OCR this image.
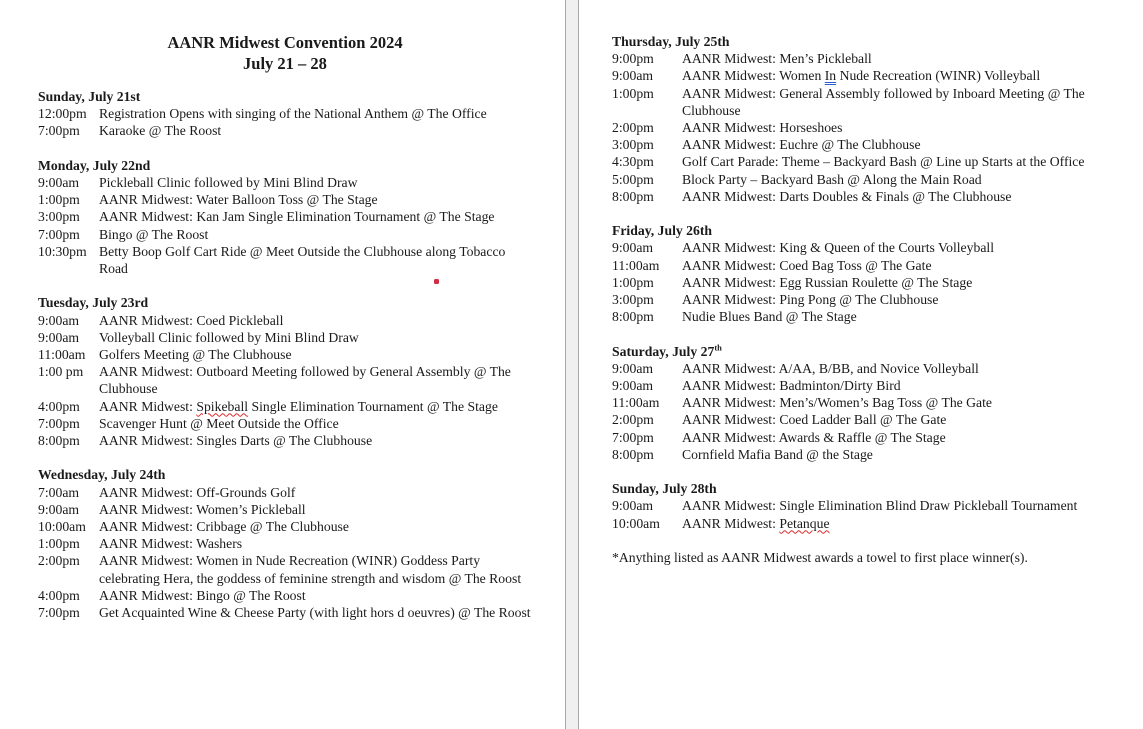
AANR Midwest Convention 2024
July 21 – 28
Sunday, July 21st
12:00pm Registration Opens with singing of the National Anthem @ The Office
7:00pm	Karaoke @ The Roost
Monday, July 22nd
9:00am	Pickleball Clinic followed by Mini Blind Draw
1:00pm	AANR Midwest: Water Balloon Toss @ The Stage
3:00pm	AANR Midwest: Kan Jam Single Elimination Tournament @ The Stage
7:00pm	Bingo @ The Roost
10:30pm Betty Boop Golf Cart Ride @ Meet Outside the Clubhouse along Tobacco Road
Tuesday, July 23rd
9:00am	AANR Midwest: Coed Pickleball
9:00am	Volleyball Clinic followed by Mini Blind Draw
11:00am Golfers Meeting @ The Clubhouse
1:00 pm	AANR Midwest: Outboard Meeting followed by General Assembly @ The Clubhouse
4:00pm	AANR Midwest: Spikeball Single Elimination Tournament @ The Stage
7:00pm	Scavenger Hunt @ Meet Outside the Office
8:00pm	AANR Midwest: Singles Darts @ The Clubhouse
Wednesday, July 24th
7:00am	AANR Midwest: Off-Grounds Golf
9:00am	AANR Midwest: Women’s Pickleball
10:00am AANR Midwest: Cribbage @ The Clubhouse
1:00pm	AANR Midwest: Washers
2:00pm	AANR Midwest: Women in Nude Recreation (WINR) Goddess Party celebrating Hera, the goddess of feminine strength and wisdom @ The Roost
4:00pm	AANR Midwest: Bingo @ The Roost
7:00pm	Get Acquainted Wine & Cheese Party (with light hors d oeuvres) @ The Roost
Thursday, July 25th
9:00pm	AANR Midwest: Men’s Pickleball
9:00am	AANR Midwest: Women In Nude Recreation (WINR) Volleyball
1:00pm	AANR Midwest: General Assembly followed by Inboard Meeting @ The Clubhouse
2:00pm	AANR Midwest: Horseshoes
3:00pm	AANR Midwest: Euchre @ The Clubhouse
4:30pm	Golf Cart Parade: Theme – Backyard Bash @ Line up Starts at the Office
5:00pm	Block Party – Backyard Bash @ Along the Main Road
8:00pm	AANR Midwest: Darts Doubles & Finals @ The Clubhouse
Friday, July 26th
9:00am	AANR Midwest: King & Queen of the Courts Volleyball
11:00am	AANR Midwest: Coed Bag Toss @ The Gate
1:00pm	AANR Midwest: Egg Russian Roulette @ The Stage
3:00pm	AANR Midwest: Ping Pong @ The Clubhouse
8:00pm	Nudie Blues Band @ The Stage
Saturday, July 27th
9:00am	AANR Midwest: A/AA, B/BB, and Novice Volleyball
9:00am	AANR Midwest: Badminton/Dirty Bird
11:00am	AANR Midwest: Men’s/Women’s Bag Toss @ The Gate
2:00pm	AANR Midwest: Coed Ladder Ball @ The Gate
7:00pm	AANR Midwest: Awards & Raffle @ The Stage
8:00pm	Cornfield Mafia Band @ the Stage
Sunday, July 28th
9:00am	AANR Midwest: Single Elimination Blind Draw Pickleball Tournament
10:00am	AANR Midwest: Petanque

*Anything listed as AANR Midwest awards a towel to first place winner(s).
